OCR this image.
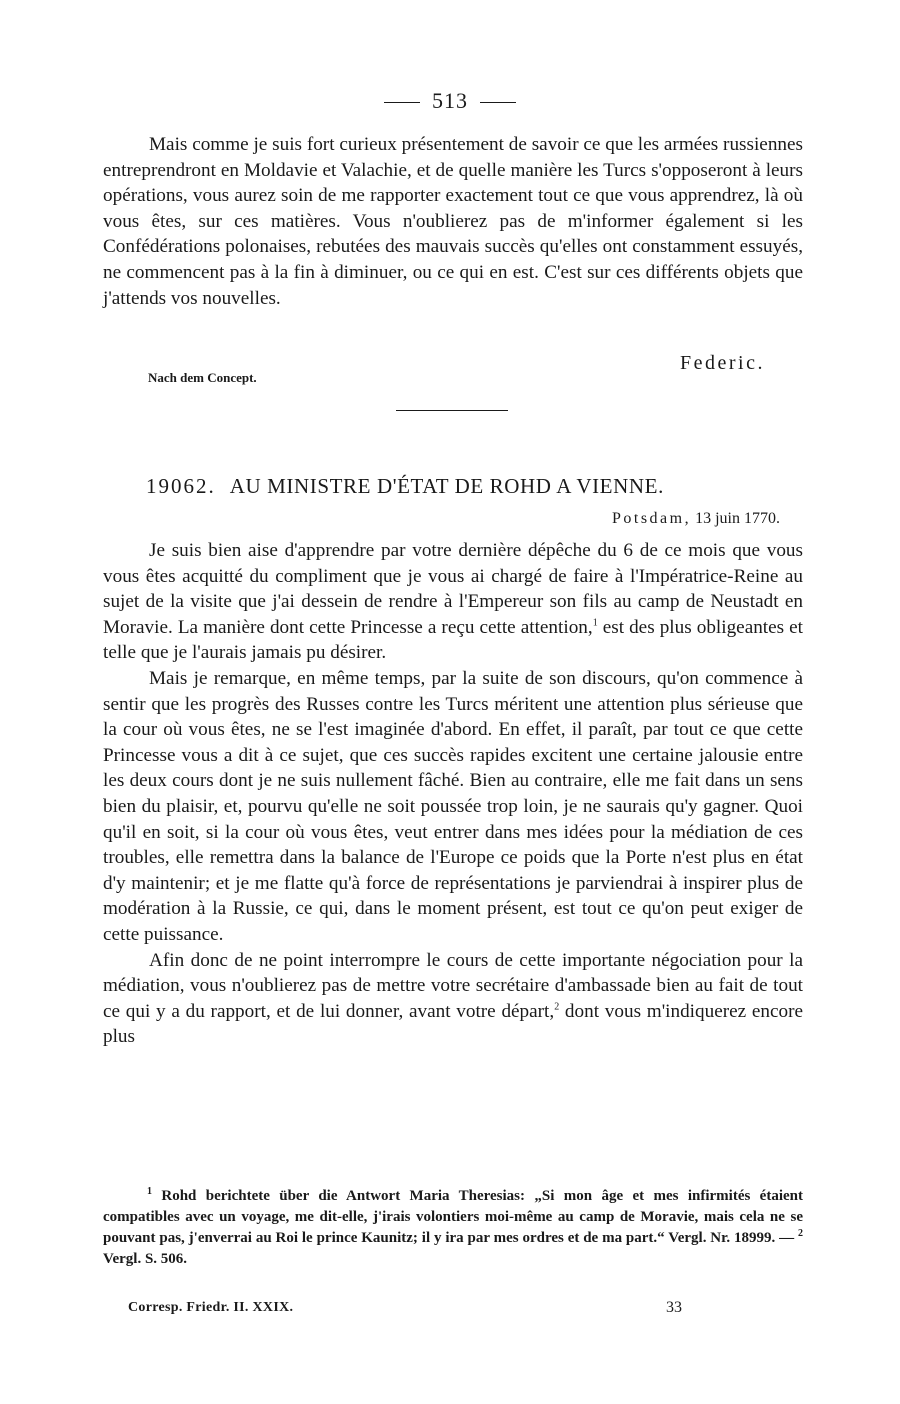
513

Mais comme je suis fort curieux présentement de savoir ce que les armées russiennes entreprendront en Moldavie et Valachie, et de quelle manière les Turcs s'opposeront à leurs opérations, vous aurez soin de me rapporter exactement tout ce que vous apprendrez, là où vous êtes, sur ces matières. Vous n'oublierez pas de m'informer également si les Confédérations polonaises, rebutées des mauvais succès qu'elles ont constamment essuyés, ne commencent pas à la fin à diminuer, ou ce qui en est. C'est sur ces différents objets que j'attends vos nouvelles.

Federic.
Nach dem Concept.
19062. AU MINISTRE D'ÉTAT DE ROHD A VIENNE.
Potsdam, 13 juin 1770.

Je suis bien aise d'apprendre par votre dernière dépêche du 6 de ce mois que vous vous êtes acquitté du compliment que je vous ai chargé de faire à l'Impératrice-Reine au sujet de la visite que j'ai dessein de rendre à l'Empereur son fils au camp de Neustadt en Moravie. La manière dont cette Princesse a reçu cette attention,$^1$ est des plus obligeantes et telle que je l'aurais jamais pu désirer.

Mais je remarque, en même temps, par la suite de son discours, qu'on commence à sentir que les progrès des Russes contre les Turcs méritent une attention plus sérieuse que la cour où vous êtes, ne se l'est imaginée d'abord. En effet, il paraît, par tout ce que cette Princesse vous a dit à ce sujet, que ces succès rapides excitent une certaine jalousie entre les deux cours dont je ne suis nullement fâché. Bien au contraire, elle me fait dans un sens bien du plaisir, et, pourvu qu'elle ne soit poussée trop loin, je ne saurais qu'y gagner. Quoi qu'il en soit, si la cour où vous êtes, veut entrer dans mes idées pour la médiation de ces troubles, elle remettra dans la balance de l'Europe ce poids que la Porte n'est plus en état d'y maintenir; et je me flatte qu'à force de représentations je parviendrai à inspirer plus de modération à la Russie, ce qui, dans le moment présent, est tout ce qu'on peut exiger de cette puissance.

Afin donc de ne point interrompre le cours de cette importante négociation pour la médiation, vous n'oublierez pas de mettre votre secrétaire d'ambassade bien au fait de tout ce qui y a du rapport, et de lui donner, avant votre départ,$^2$ dont vous m'indiquerez encore plus

$^1$ Rohd berichtete über die Antwort Maria Theresias: „Si mon âge et mes infirmités étaient compatibles avec un voyage, me dit-elle, j'irais volontiers moi-même au camp de Moravie, mais cela ne se pouvant pas, j'enverrai au Roi le prince Kaunitz; il y ira par mes ordres et de ma part.“ Vergl. Nr. 18999. — $^2$ Vergl. S. 506.

Corresp. Friedr. II. XXIX.	33
